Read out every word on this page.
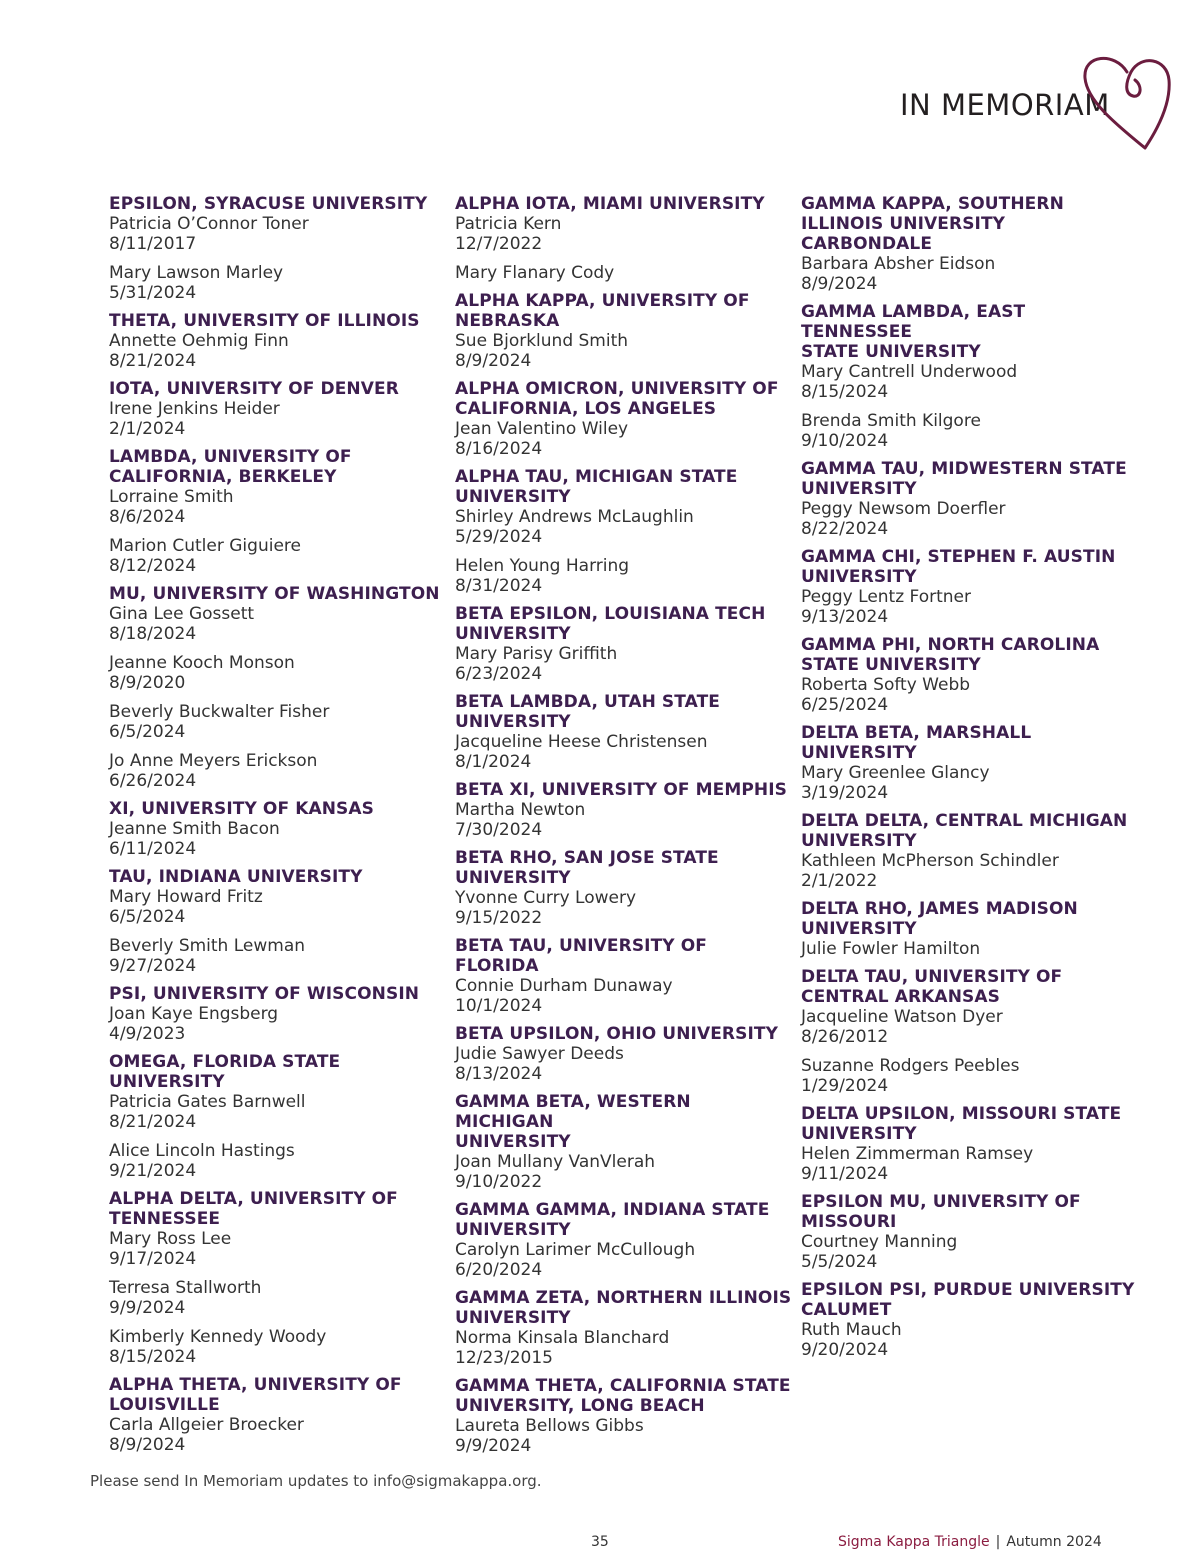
IN MEMORIAM
EPSILON, SYRACUSE UNIVERSITY
Patricia O’Connor Toner
8/11/2017
Mary Lawson Marley
5/31/2024
THETA, UNIVERSITY OF ILLINOIS
Annette Oehmig Finn
8/21/2024
IOTA, UNIVERSITY OF DENVER
Irene Jenkins Heider
2/1/2024
LAMBDA, UNIVERSITY OF
CALIFORNIA, BERKELEY
Lorraine Smith
8/6/2024
Marion Cutler Giguiere
8/12/2024
MU, UNIVERSITY OF WASHINGTON
Gina Lee Gossett
8/18/2024
Jeanne Kooch Monson
8/9/2020
Beverly Buckwalter Fisher
6/5/2024
Jo Anne Meyers Erickson
6/26/2024
XI, UNIVERSITY OF KANSAS
Jeanne Smith Bacon
6/11/2024
TAU, INDIANA UNIVERSITY
Mary Howard Fritz
6/5/2024
Beverly Smith Lewman
9/27/2024
PSI, UNIVERSITY OF WISCONSIN
Joan Kaye Engsberg
4/9/2023
OMEGA, FLORIDA STATE UNIVERSITY
Patricia Gates Barnwell
8/21/2024
Alice Lincoln Hastings
9/21/2024
ALPHA DELTA, UNIVERSITY OF
TENNESSEE
Mary Ross Lee
9/17/2024
Terresa Stallworth
9/9/2024
Kimberly Kennedy Woody
8/15/2024
ALPHA THETA, UNIVERSITY OF
LOUISVILLE
Carla Allgeier Broecker
8/9/2024
ALPHA IOTA, MIAMI UNIVERSITY
Patricia Kern
12/7/2022
Mary Flanary Cody
ALPHA KAPPA, UNIVERSITY OF
NEBRASKA
Sue Bjorklund Smith
8/9/2024
ALPHA OMICRON, UNIVERSITY OF
CALIFORNIA, LOS ANGELES
Jean Valentino Wiley
8/16/2024
ALPHA TAU, MICHIGAN STATE
UNIVERSITY
Shirley Andrews McLaughlin
5/29/2024
Helen Young Harring
8/31/2024
BETA EPSILON, LOUISIANA TECH
UNIVERSITY
Mary Parisy Griffith
6/23/2024
BETA LAMBDA, UTAH STATE
UNIVERSITY
Jacqueline Heese Christensen
8/1/2024
BETA XI, UNIVERSITY OF MEMPHIS
Martha Newton
7/30/2024
BETA RHO, SAN JOSE STATE
UNIVERSITY
Yvonne Curry Lowery
9/15/2022
BETA TAU, UNIVERSITY OF FLORIDA
Connie Durham Dunaway
10/1/2024
BETA UPSILON, OHIO UNIVERSITY
Judie Sawyer Deeds
8/13/2024
GAMMA BETA, WESTERN MICHIGAN
UNIVERSITY
Joan Mullany VanVlerah
9/10/2022
GAMMA GAMMA, INDIANA STATE
UNIVERSITY
Carolyn Larimer McCullough
6/20/2024
GAMMA ZETA, NORTHERN ILLINOIS
UNIVERSITY
Norma Kinsala Blanchard
12/23/2015
GAMMA THETA, CALIFORNIA STATE
UNIVERSITY, LONG BEACH
Laureta Bellows Gibbs
9/9/2024
GAMMA KAPPA, SOUTHERN
ILLINOIS UNIVERSITY CARBONDALE
Barbara Absher Eidson
8/9/2024
GAMMA LAMBDA, EAST TENNESSEE
STATE UNIVERSITY
Mary Cantrell Underwood
8/15/2024
Brenda Smith Kilgore
9/10/2024
GAMMA TAU, MIDWESTERN STATE
UNIVERSITY
Peggy Newsom Doerfler
8/22/2024
GAMMA CHI, STEPHEN F. AUSTIN
UNIVERSITY
Peggy Lentz Fortner
9/13/2024
GAMMA PHI, NORTH CAROLINA
STATE UNIVERSITY
Roberta Softy Webb
6/25/2024
DELTA BETA, MARSHALL UNIVERSITY
Mary Greenlee Glancy
3/19/2024
DELTA DELTA, CENTRAL MICHIGAN
UNIVERSITY
Kathleen McPherson Schindler
2/1/2022
DELTA RHO, JAMES MADISON
UNIVERSITY
Julie Fowler Hamilton
DELTA TAU, UNIVERSITY OF
CENTRAL ARKANSAS
Jacqueline Watson Dyer
8/26/2012
Suzanne Rodgers Peebles
1/29/2024
DELTA UPSILON, MISSOURI STATE
UNIVERSITY
Helen Zimmerman Ramsey
9/11/2024
EPSILON MU, UNIVERSITY OF
MISSOURI
Courtney Manning
5/5/2024
EPSILON PSI, PURDUE UNIVERSITY
CALUMET
Ruth Mauch
9/20/2024
Please send In Memoriam updates to info@sigmakappa.org.
35	Sigma Kappa Triangle | Autumn 2024
